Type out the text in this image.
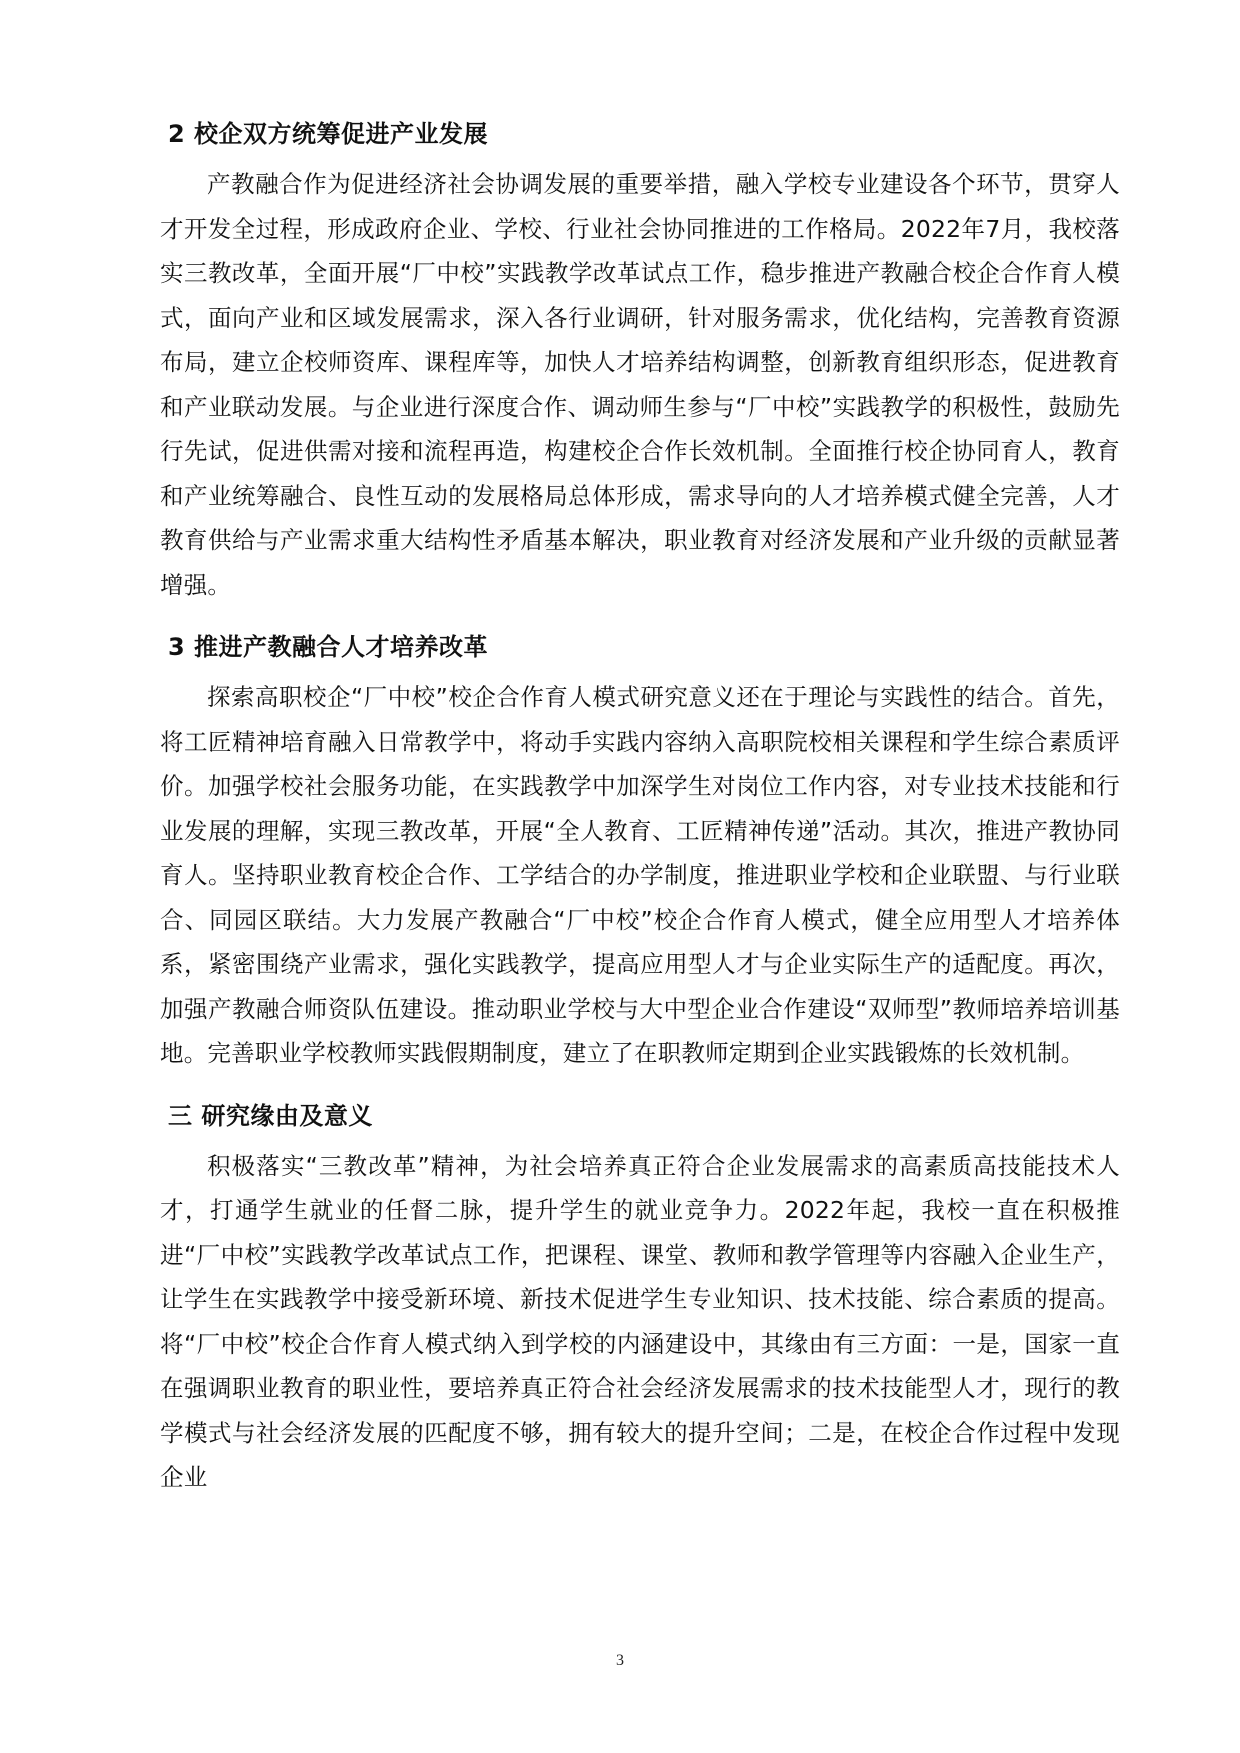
2 校企双方统筹促进产业发展

产教融合作为促进经济社会协调发展的重要举措，融入学校专业建设各个环节，贯穿人才开发全过程，形成政府企业、学校、行业社会协同推进的工作格局。2022年7月，我校落实三教改革，全面开展“厂中校”实践教学改革试点工作，稳步推进产教融合校企合作育人模式，面向产业和区域发展需求，深入各行业调研，针对服务需求，优化结构，完善教育资源布局，建立企校师资库、课程库等，加快人才培养结构调整，创新教育组织形态，促进教育和产业联动发展。与企业进行深度合作、调动师生参与“厂中校”实践教学的积极性，鼓励先行先试，促进供需对接和流程再造，构建校企合作长效机制。全面推行校企协同育人，教育和产业统筹融合、良性互动的发展格局总体形成，需求导向的人才培养模式健全完善，人才教育供给与产业需求重大结构性矛盾基本解决，职业教育对经济发展和产业升级的贡献显著增强。

3 推进产教融合人才培养改革

探索高职校企“厂中校”校企合作育人模式研究意义还在于理论与实践性的结合。首先，将工匠精神培育融入日常教学中，将动手实践内容纳入高职院校相关课程和学生综合素质评价。加强学校社会服务功能，在实践教学中加深学生对岗位工作内容，对专业技术技能和行业发展的理解，实现三教改革，开展“全人教育、工匠精神传递”活动。其次，推进产教协同育人。坚持职业教育校企合作、工学结合的办学制度，推进职业学校和企业联盟、与行业联合、同园区联结。大力发展产教融合“厂中校”校企合作育人模式，健全应用型人才培养体系，紧密围绕产业需求，强化实践教学，提高应用型人才与企业实际生产的适配度。再次，加强产教融合师资队伍建设。推动职业学校与大中型企业合作建设“双师型”教师培养培训基地。完善职业学校教师实践假期制度，建立了在职教师定期到企业实践锻炼的长效机制。

三 研究缘由及意义

积极落实“三教改革”精神，为社会培养真正符合企业发展需求的高素质高技能技术人才，打通学生就业的任督二脉，提升学生的就业竞争力。2022年起，我校一直在积极推进“厂中校”实践教学改革试点工作，把课程、课堂、教师和教学管理等内容融入企业生产，让学生在实践教学中接受新环境、新技术促进学生专业知识、技术技能、综合素质的提高。将“厂中校”校企合作育人模式纳入到学校的内涵建设中，其缘由有三方面：一是，国家一直在强调职业教育的职业性，要培养真正符合社会经济发展需求的技术技能型人才，现行的教学模式与社会经济发展的匹配度不够，拥有较大的提升空间；二是，在校企合作过程中发现企业

3
